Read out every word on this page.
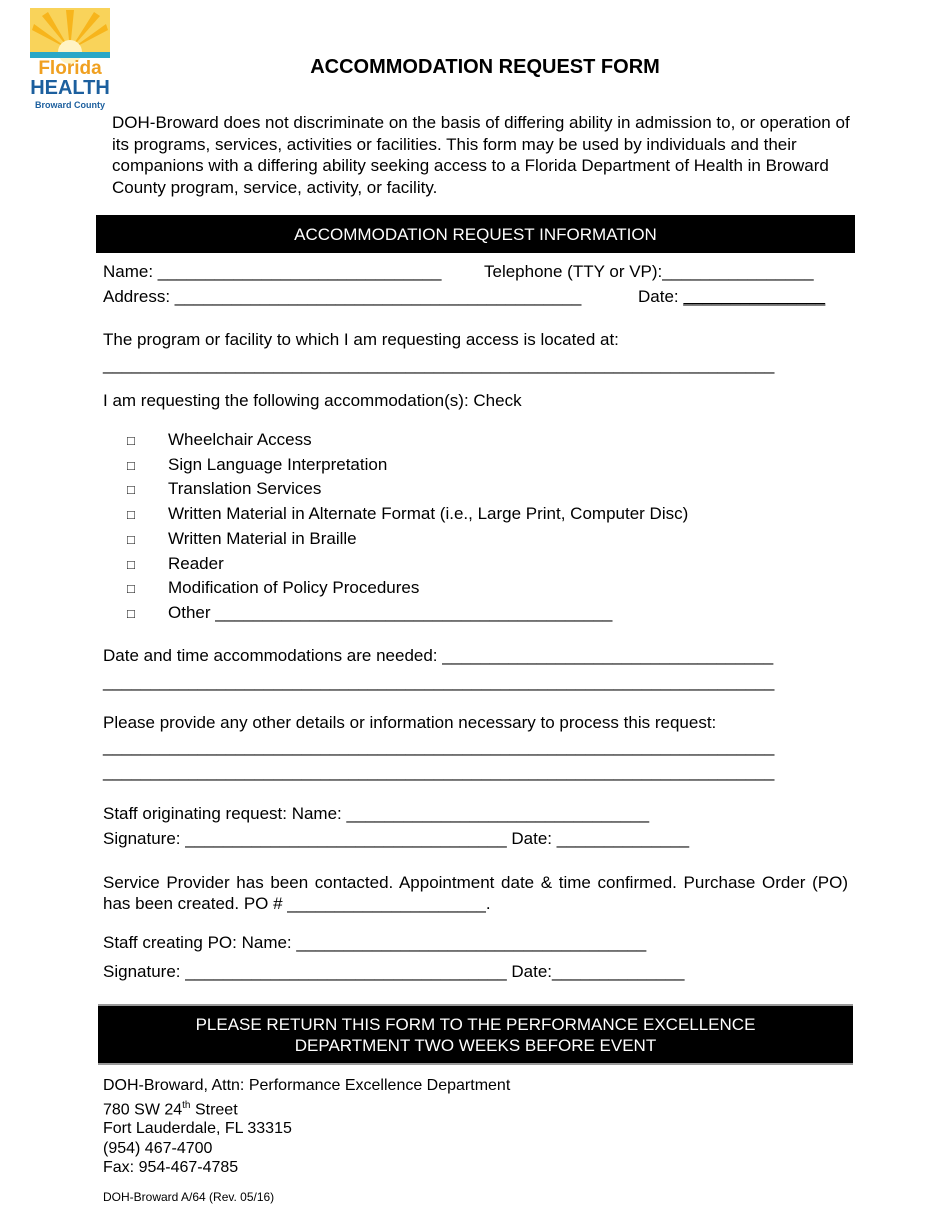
Florida
HEALTH
Broward County
ACCOMMODATION REQUEST FORM
DOH-Broward does not discriminate on the basis of differing ability in admission to, or operation of its programs, services, activities or facilities. This form may be used by individuals and their companions with a differing ability seeking access to a Florida Department of Health in Broward County program, service, activity, or facility.
ACCOMMODATION REQUEST INFORMATION
Name: ______________________________	Telephone (TTY or VP):________________
Address: ___________________________________________	Date: _______________
The program or facility to which I am requesting access is located at:
_______________________________________________________________________
I am requesting the following accommodation(s): Check
□ Wheelchair Access
□ Sign Language Interpretation
□ Translation Services
□ Written Material in Alternate Format (i.e., Large Print, Computer Disc)
□ Written Material in Braille
□ Reader
□ Modification of Policy Procedures
□ Other __________________________________________
Date and time accommodations are needed: ___________________________________
_______________________________________________________________________
Please provide any other details or information necessary to process this request:
_______________________________________________________________________
_______________________________________________________________________
Staff originating request: Name: ________________________________
Signature: __________________________________ Date: ______________
Service Provider has been contacted. Appointment date & time confirmed. Purchase Order (PO) has been created. PO # _____________________.
Staff creating PO: Name: _____________________________________
Signature: __________________________________ Date:______________
PLEASE RETURN THIS FORM TO THE PERFORMANCE EXCELLENCE
DEPARTMENT TWO WEEKS BEFORE EVENT
DOH-Broward, Attn: Performance Excellence Department
780 SW 24th Street
Fort Lauderdale, FL 33315
(954) 467-4700
Fax: 954-467-4785
DOH-Broward A/64 (Rev. 05/16)
